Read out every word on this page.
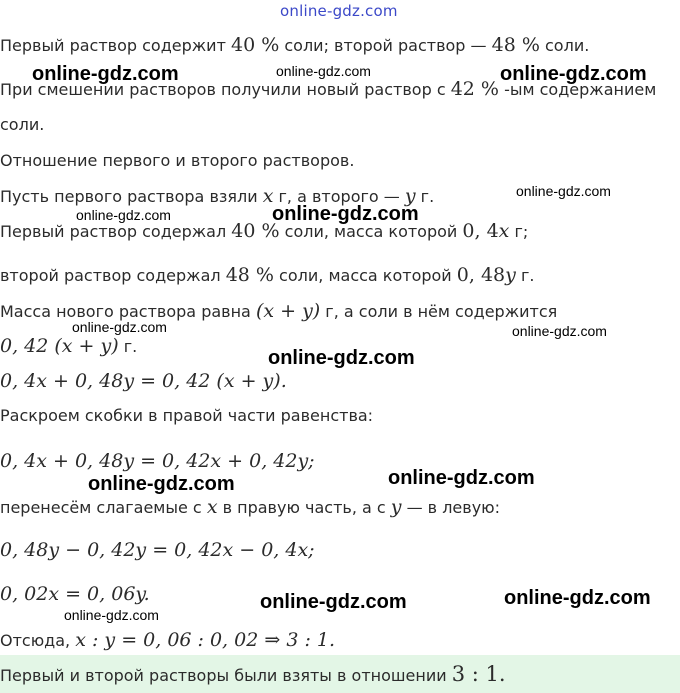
online-gdz.com
Первый раствор содержит 40 % соли; второй раствор — 48 % соли.
При смешении растворов получили новый раствор с 42 % -ым содержанием
соли.
Отношение первого и второго растворов.
Пусть первого раствора взяли x г, а второго — y г.
Первый раствор содержал 40 % соли, масса которой 0, 4x г;
второй раствор содержал 48 % соли, масса которой 0, 48y г.
Масса нового раствора равна (x + y) г, а соли в нём содержится
0, 42 (x + y) г.
0, 4x + 0, 48y = 0, 42 (x + y).
Раскроем скобки в правой части равенства:
0, 4x + 0, 48y = 0, 42x + 0, 42y;
перенесём слагаемые с x в правую часть, а с y — в левую:
0, 48y − 0, 42y = 0, 42x − 0, 4x;
0, 02x = 0, 06y.
Отсюда, x : y = 0, 06 : 0, 02 ⇒ 3 : 1.
Первый и второй растворы были взяты в отношении 3 : 1.
online-gdz.com	online-gdz.com	online-gdz.com
online-gdz.com
online-gdz.com	online-gdz.com
online-gdz.com	online-gdz.com
online-gdz.com
online-gdz.com
online-gdz.com
online-gdz.com	online-gdz.com
online-gdz.com
